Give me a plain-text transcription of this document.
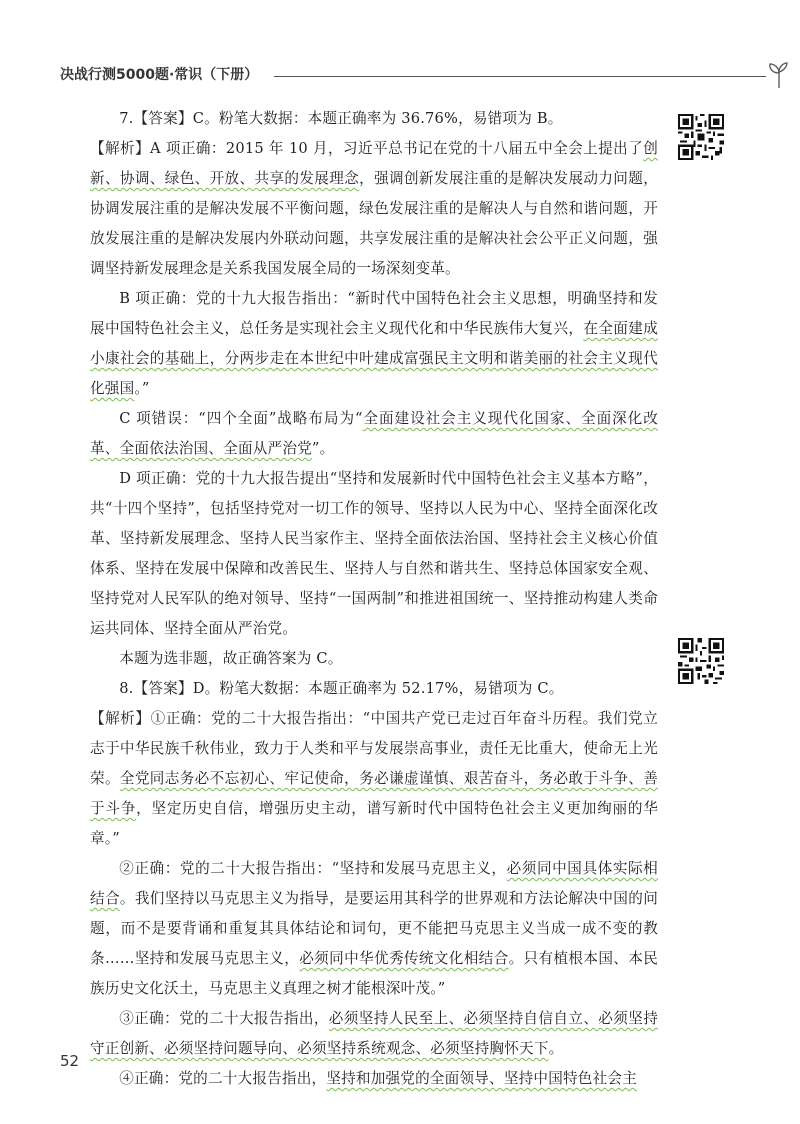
决战行测5000题·常识（下册）

7.【答案】C。粉笔大数据：本题正确率为 36.76%，易错项为 B。

【解析】A 项正确：2015 年 10 月，习近平总书记在党的十八届五中全会上提出了创新、协调、绿色、开放、共享的发展理念，强调创新发展注重的是解决发展动力问题，协调发展注重的是解决发展不平衡问题，绿色发展注重的是解决人与自然和谐问题，开放发展注重的是解决发展内外联动问题，共享发展注重的是解决社会公平正义问题，强调坚持新发展理念是关系我国发展全局的一场深刻变革。

B 项正确：党的十九大报告指出：“新时代中国特色社会主义思想，明确坚持和发展中国特色社会主义，总任务是实现社会主义现代化和中华民族伟大复兴，在全面建成小康社会的基础上，分两步走在本世纪中叶建成富强民主文明和谐美丽的社会主义现代化强国。”

C 项错误：“四个全面”战略布局为“全面建设社会主义现代化国家、全面深化改革、全面依法治国、全面从严治党”。

D 项正确：党的十九大报告提出“坚持和发展新时代中国特色社会主义基本方略”，共“十四个坚持”，包括坚持党对一切工作的领导、坚持以人民为中心、坚持全面深化改革、坚持新发展理念、坚持人民当家作主、坚持全面依法治国、坚持社会主义核心价值体系、坚持在发展中保障和改善民生、坚持人与自然和谐共生、坚持总体国家安全观、坚持党对人民军队的绝对领导、坚持“一国两制”和推进祖国统一、坚持推动构建人类命运共同体、坚持全面从严治党。

本题为选非题，故正确答案为 C。

8.【答案】D。粉笔大数据：本题正确率为 52.17%，易错项为 C。

【解析】①正确：党的二十大报告指出：“中国共产党已走过百年奋斗历程。我们党立志于中华民族千秋伟业，致力于人类和平与发展崇高事业，责任无比重大，使命无上光荣。全党同志务必不忘初心、牢记使命，务必谦虚谨慎、艰苦奋斗，务必敢于斗争、善于斗争，坚定历史自信，增强历史主动，谱写新时代中国特色社会主义更加绚丽的华章。”

②正确：党的二十大报告指出：“坚持和发展马克思主义，必须同中国具体实际相结合。我们坚持以马克思主义为指导，是要运用其科学的世界观和方法论解决中国的问题，而不是要背诵和重复其具体结论和词句，更不能把马克思主义当成一成不变的教条……坚持和发展马克思主义，必须同中华优秀传统文化相结合。只有植根本国、本民族历史文化沃土，马克思主义真理之树才能根深叶茂。”

③正确：党的二十大报告指出，必须坚持人民至上、必须坚持自信自立、必须坚持守正创新、必须坚持问题导向、必须坚持系统观念、必须坚持胸怀天下。

④正确：党的二十大报告指出，坚持和加强党的全面领导、坚持中国特色社会主

52
